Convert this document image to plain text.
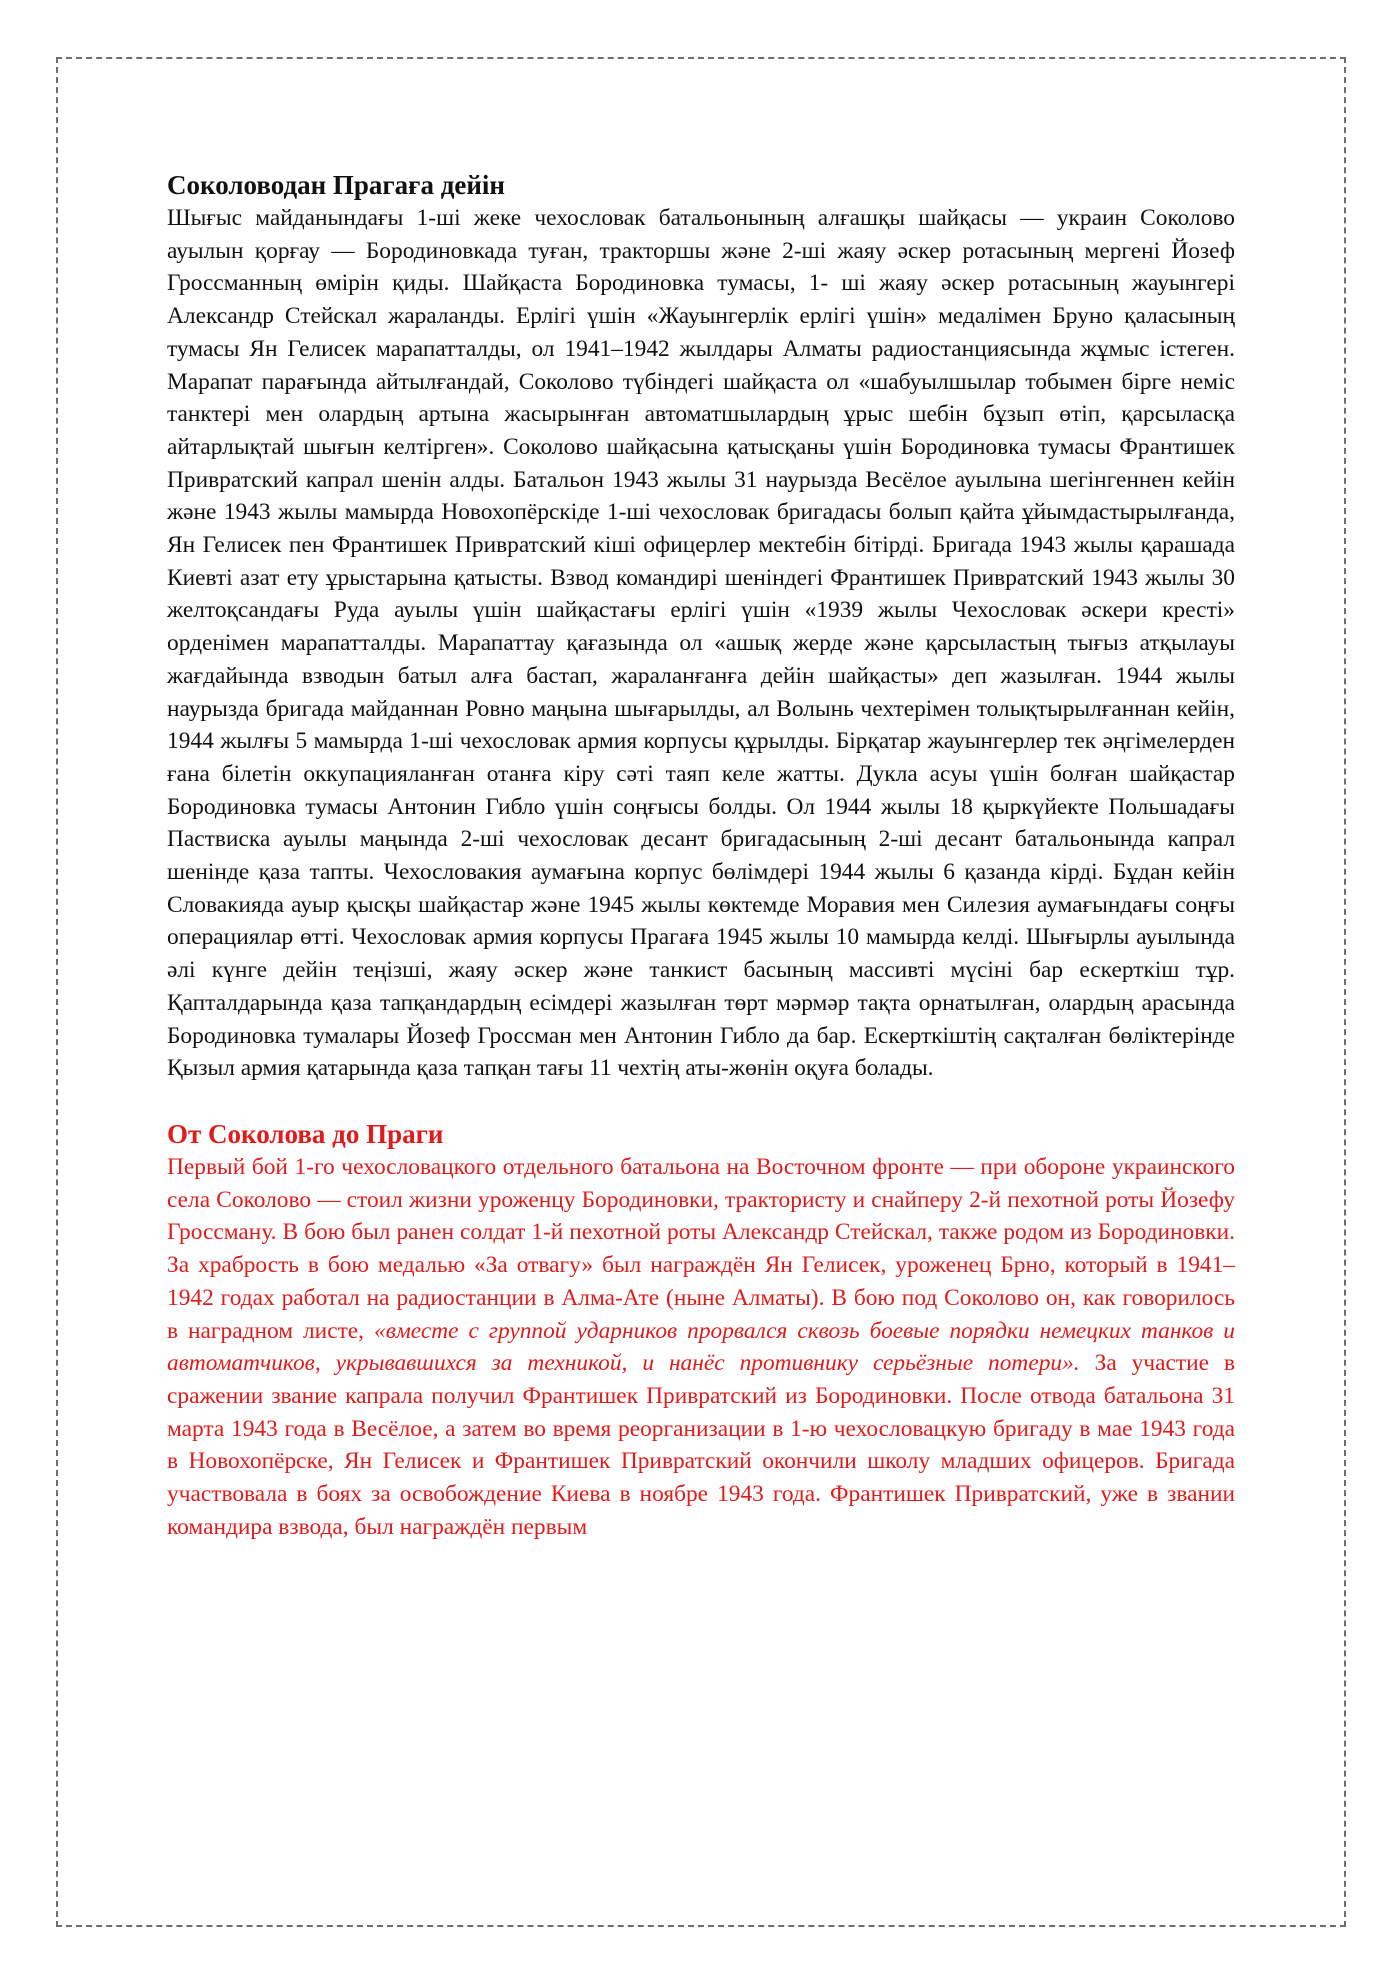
Соколоводан Прагаға дейін

Шығыс майданындағы 1-ші жеке чехословак батальонының алғашқы шайқасы — украин Соколово ауылын қорғау — Бородиновкада туған, тракторшы және 2-ші жаяу әскер ротасының мергені Йозеф Гроссманның өмірін қиды. Шайқаста Бородиновка тумасы, 1- ші жаяу әскер ротасының жауынгері Александр Стейскал жараланды. Ерлігі үшін «Жауынгерлік ерлігі үшін» медалімен Бруно қаласының тумасы Ян Гелисек марапатталды, ол 1941–1942 жылдары Алматы радиостанциясында жұмыс істеген. Марапат парағында айтылғандай, Соколово түбіндегі шайқаста ол «шабуылшылар тобымен бірге неміс танктері мен олардың артына жасырынған автоматшылардың ұрыс шебін бұзып өтіп, қарсыласқа айтарлықтай шығын келтірген». Соколово шайқасына қатысқаны үшін Бородиновка тумасы Франтишек Привратский капрал шенін алды. Батальон 1943 жылы 31 наурызда Весёлое ауылына шегінгеннен кейін және 1943 жылы мамырда Новохопёрскіде 1-ші чехословак бригадасы болып қайта ұйымдастырылғанда, Ян Гелисек пен Франтишек Привратский кіші офицерлер мектебін бітірді. Бригада 1943 жылы қарашада Киевті азат ету ұрыстарына қатысты. Взвод командирі шеніндегі Франтишек Привратский 1943 жылы 30 желтоқсандағы Руда ауылы үшін шайқастағы ерлігі үшін «1939 жылы Чехословак әскери кресті» орденімен марапатталды. Марапаттау қағазында ол «ашық жерде және қарсыластың тығыз атқылауы жағдайында взводын батыл алға бастап, жараланғанға дейін шайқасты» деп жазылған. 1944 жылы наурызда бригада майданнан Ровно маңына шығарылды, ал Волынь чехтерімен толықтырылғаннан кейін, 1944 жылғы 5 мамырда 1-ші чехословак армия корпусы құрылды. Бірқатар жауынгерлер тек әңгімелерден ғана білетін оккупацияланған отанға кіру сәті таяп келе жатты. Дукла асуы үшін болған шайқастар Бородиновка тумасы Антонин Гибло үшін соңғысы болды. Ол 1944 жылы 18 қыркүйекте Польшадағы Паствиска ауылы маңында 2-ші чехословак десант бригадасының 2-ші десант батальонында капрал шенінде қаза тапты. Чехословакия аумағына корпус бөлімдері 1944 жылы 6 қазанда кірді. Бұдан кейін Словакияда ауыр қысқы шайқастар және 1945 жылы көктемде Моравия мен Силезия аумағындағы соңғы операциялар өтті. Чехословак армия корпусы Прагаға 1945 жылы 10 мамырда келді. Шығырлы ауылында әлі күнге дейін теңізші, жаяу әскер және танкист басының массивті мүсіні бар ескерткіш тұр. Қапталдарында қаза тапқандардың есімдері жазылған төрт мәрмәр тақта орнатылған, олардың арасында Бородиновка тумалары Йозеф Гроссман мен Антонин Гибло да бар. Ескерткіштің сақталған бөліктерінде Қызыл армия қатарында қаза тапқан тағы 11 чехтің аты-жөнін оқуға болады.

От Соколова до Праги

Первый бой 1-го чехословацкого отдельного батальона на Восточном фронте — при обороне украинского села Соколово — стоил жизни уроженцу Бородиновки, трактористу и снайперу 2-й пехотной роты Йозефу Гроссману. В бою был ранен солдат 1-й пехотной роты Александр Стейскал, также родом из Бородиновки. За храбрость в бою медалью «За отвагу» был награждён Ян Гелисек, уроженец Брно, который в 1941–1942 годах работал на радиостанции в Алма-Ате (ныне Алматы). В бою под Соколово он, как говорилось в наградном листе, «вместе с группой ударников прорвался сквозь боевые порядки немецких танков и автоматчиков, укрывавшихся за техникой, и нанёс противнику серьёзные потери». За участие в сражении звание капрала получил Франтишек Привратский из Бородиновки. После отвода батальона 31 марта 1943 года в Весёлое, а затем во время реорганизации в 1-ю чехословацкую бригаду в мае 1943 года в Новохопёрске, Ян Гелисек и Франтишек Привратский окончили школу младших офицеров. Бригада участвовала в боях за освобождение Киева в ноябре 1943 года. Франтишек Привратский, уже в звании командира взвода, был награждён первым
